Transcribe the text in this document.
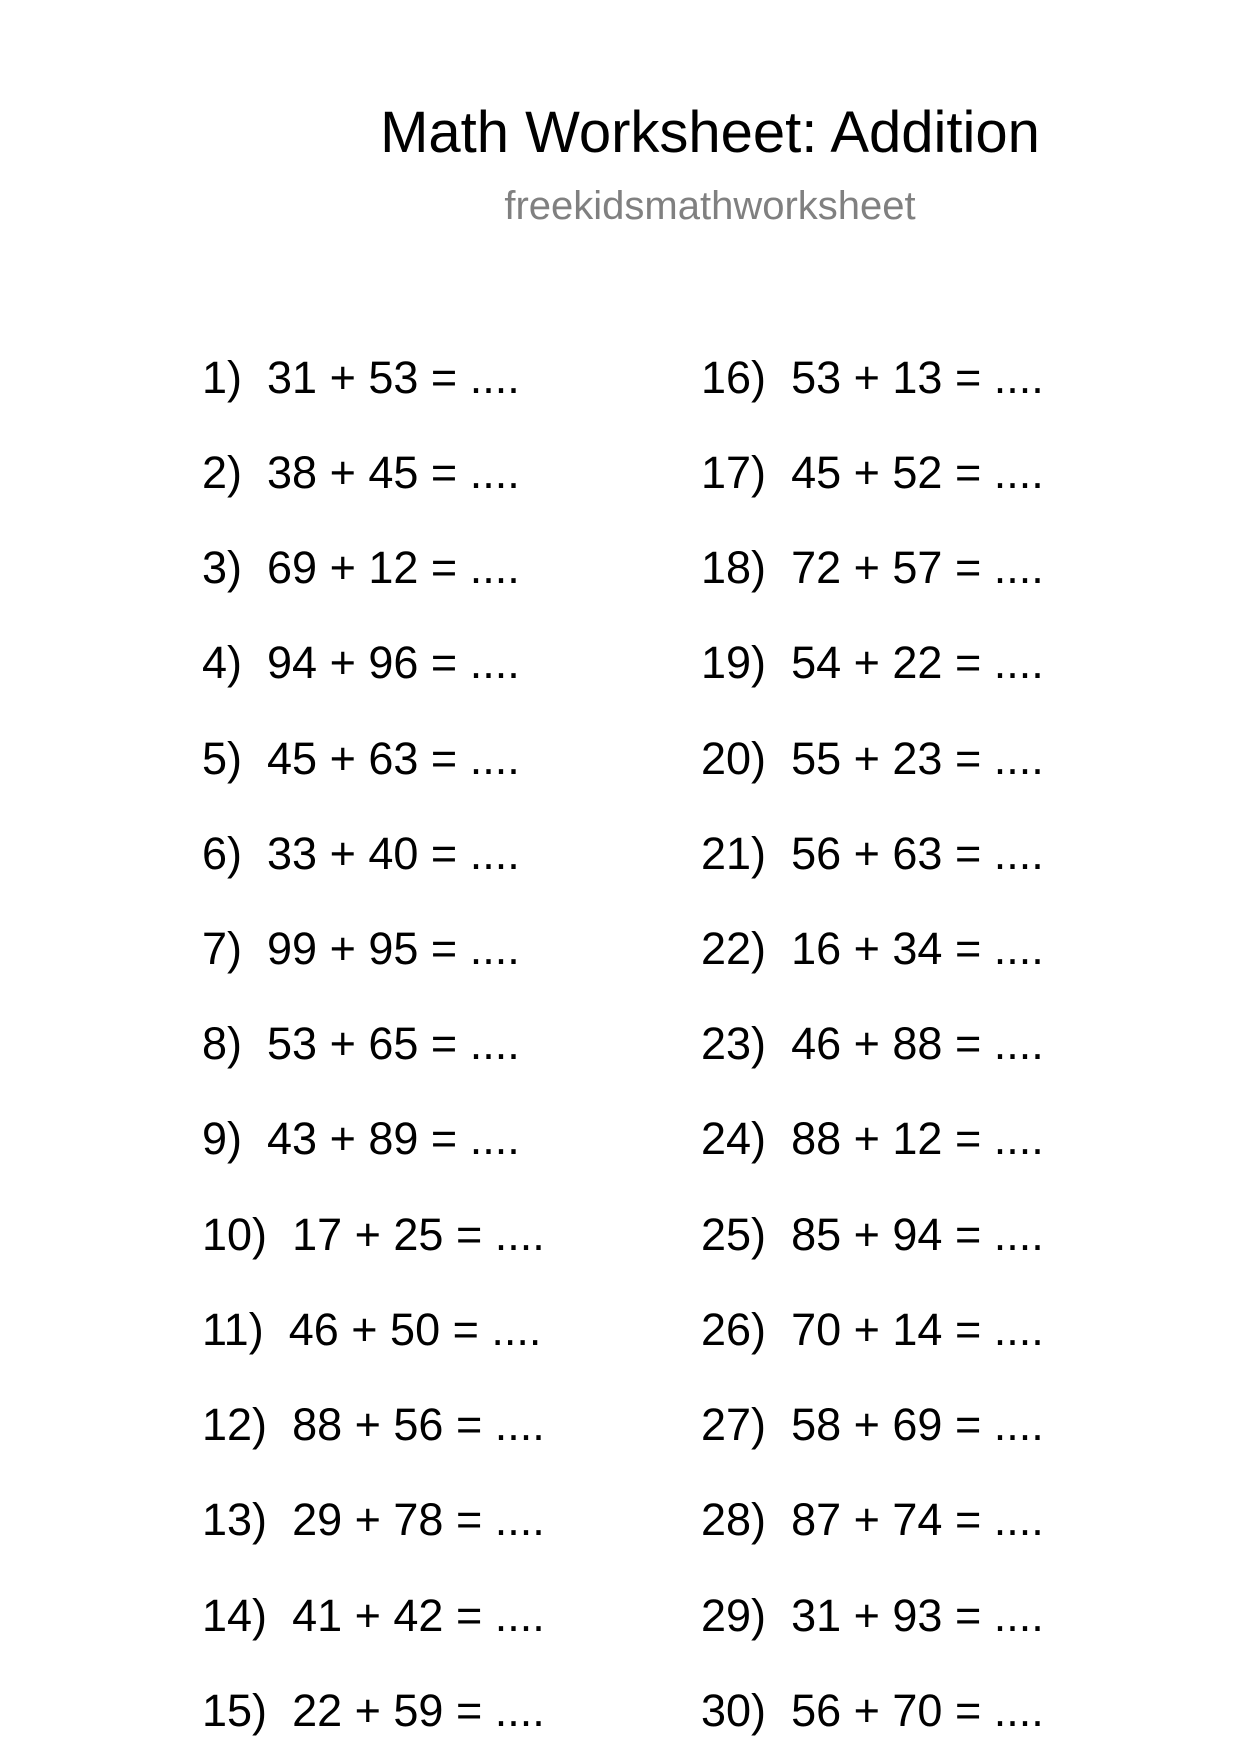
Math Worksheet: Addition
freekidsmathworksheet
1) 31 + 53 = ....
2) 38 + 45 = ....
3) 69 + 12 = ....
4) 94 + 96 = ....
5) 45 + 63 = ....
6) 33 + 40 = ....
7) 99 + 95 = ....
8) 53 + 65 = ....
9) 43 + 89 = ....
10) 17 + 25 = ....
11) 46 + 50 = ....
12) 88 + 56 = ....
13) 29 + 78 = ....
14) 41 + 42 = ....
15) 22 + 59 = ....
16) 53 + 13 = ....
17) 45 + 52 = ....
18) 72 + 57 = ....
19) 54 + 22 = ....
20) 55 + 23 = ....
21) 56 + 63 = ....
22) 16 + 34 = ....
23) 46 + 88 = ....
24) 88 + 12 = ....
25) 85 + 94 = ....
26) 70 + 14 = ....
27) 58 + 69 = ....
28) 87 + 74 = ....
29) 31 + 93 = ....
30) 56 + 70 = ....
